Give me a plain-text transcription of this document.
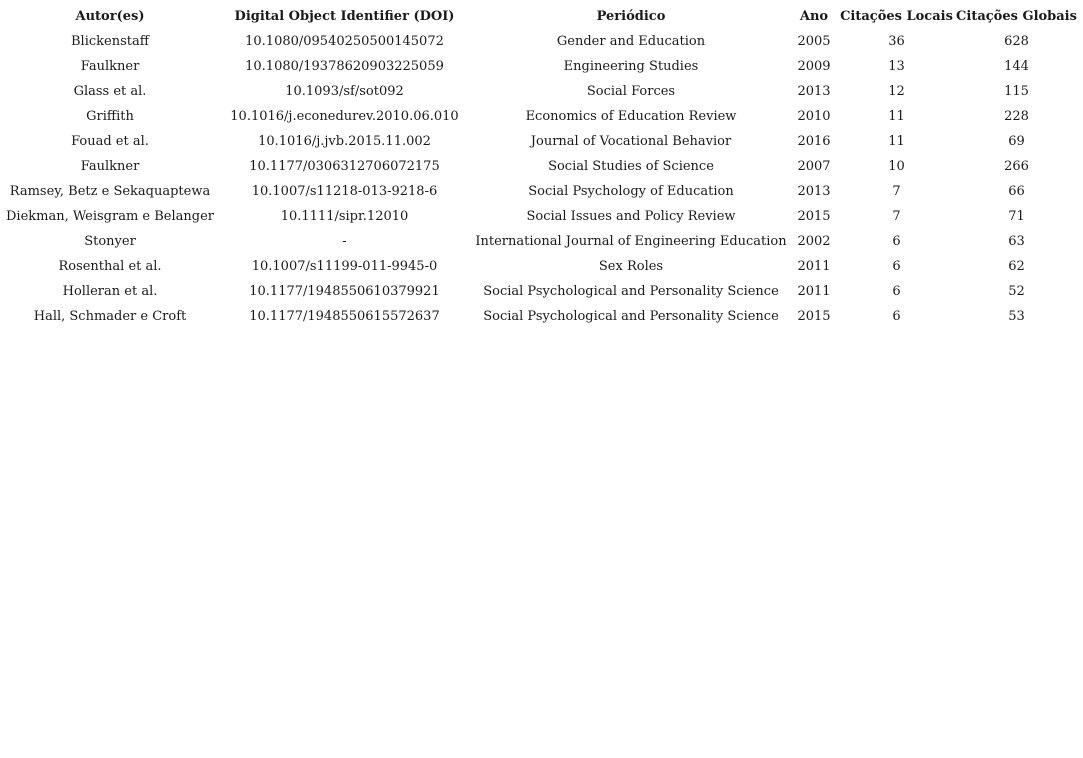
Autor(es)	Digital Object Identifier (DOI)	Periódico	Ano	Citações Locais	Citações Globais
Blickenstaff	10.1080/09540250500145072	Gender and Education	2005	36	628
Faulkner	10.1080/19378620903225059	Engineering Studies	2009	13	144
Glass et al.	10.1093/sf/sot092	Social Forces	2013	12	115
Griffith	10.1016/j.econedurev.2010.06.010	Economics of Education Review	2010	11	228
Fouad et al.	10.1016/j.jvb.2015.11.002	Journal of Vocational Behavior	2016	11	69
Faulkner	10.1177/0306312706072175	Social Studies of Science	2007	10	266
Ramsey, Betz e Sekaquaptewa	10.1007/s11218-013-9218-6	Social Psychology of Education	2013	7	66
Diekman, Weisgram e Belanger	10.1111/sipr.12010	Social Issues and Policy Review	2015	7	71
Stonyer	-	International Journal of Engineering Education	2002	6	63
Rosenthal et al.	10.1007/s11199-011-9945-0	Sex Roles	2011	6	62
Holleran et al.	10.1177/1948550610379921	Social Psychological and Personality Science	2011	6	52
Hall, Schmader e Croft	10.1177/1948550615572637	Social Psychological and Personality Science	2015	6	53
